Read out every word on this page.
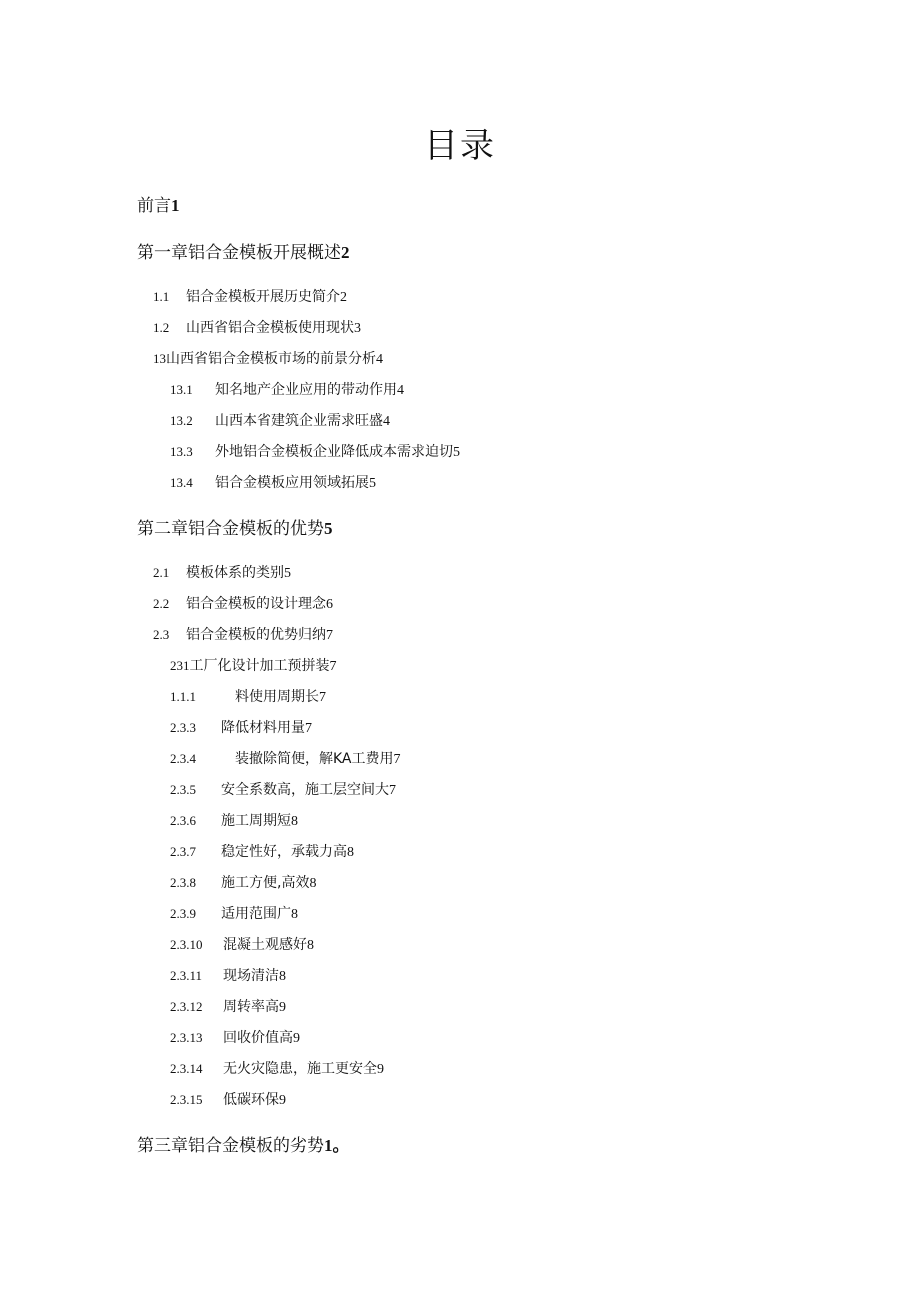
目录
前言1
第一章铝合金模板开展概述2
1.1 铝合金模板开展历史简介2
1.2 山西省铝合金模板使用现状3
13山西省铝合金模板市场的前景分析4
13.1 知名地产企业应用的带动作用4
13.2 山西本省建筑企业需求旺盛4
13.3 外地铝合金模板企业降低成本需求迫切5
13.4 铝合金模板应用领域拓展5
第二章铝合金模板的优势5
2.1 模板体系的类别5
2.2 铝合金模板的设计理念6
2.3 铝合金模板的优势归纳7
231工厂化设计加工预拼装7
1.1.1	料使用周期长7
2.3.3 降低材料用量7
2.3.4	装撤除简便，解KA工费用7
2.3.5 安全系数高，施工层空间大7
2.3.6 施工周期短8
2.3.7 稳定性好，承载力高8
2.3.8 施工方便,高效8
2.3.9 适用范围广8
2.3.10 混凝土观感好8
2.3.11 现场清洁8
2.3.12 周转率高9
2.3.13 回收价值高9
2.3.14 无火灾隐患，施工更安全9
2.3.15 低碳环保9
第三章铝合金模板的劣势1。
